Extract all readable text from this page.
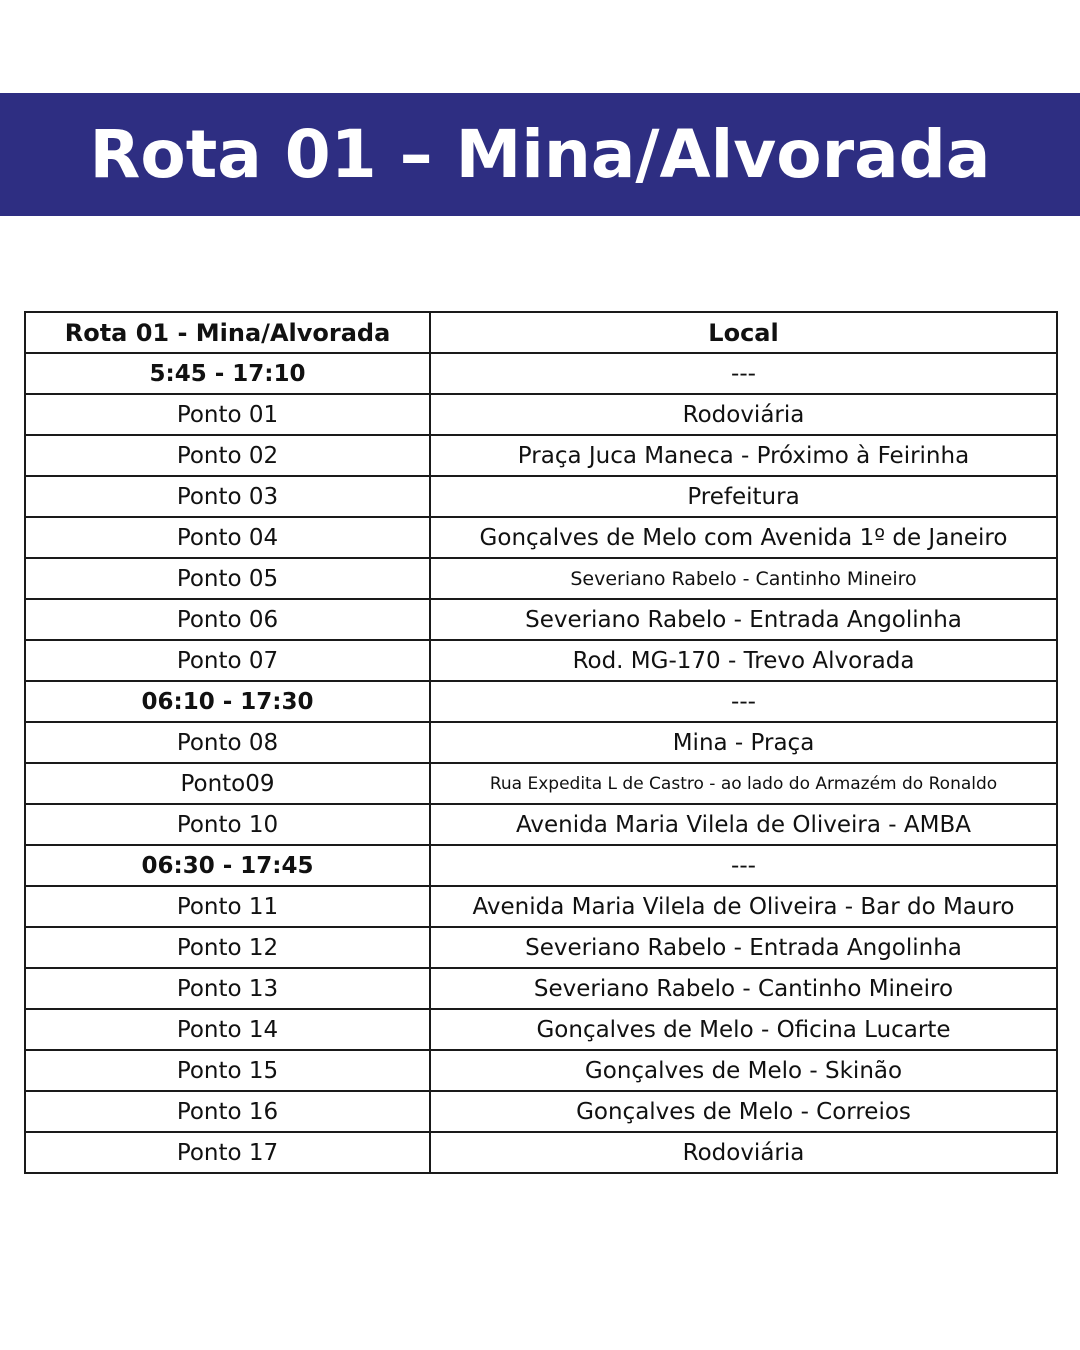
Rota 01 – Mina/Alvorada
Rota 01 - Mina/Alvorada	Local
5:45 - 17:10	---
Ponto 01	Rodoviária
Ponto 02	Praça Juca Maneca - Próximo à Feirinha
Ponto 03	Prefeitura
Ponto 04	Gonçalves de Melo com Avenida 1º de Janeiro
Ponto 05	Severiano Rabelo - Cantinho Mineiro
Ponto 06	Severiano Rabelo - Entrada Angolinha
Ponto 07	Rod. MG-170 - Trevo Alvorada
06:10 - 17:30	---
Ponto 08	Mina - Praça
Ponto09	Rua Expedita L de Castro - ao lado do Armazém do Ronaldo
Ponto 10	Avenida Maria Vilela de Oliveira - AMBA
06:30 - 17:45	---
Ponto 11	Avenida Maria Vilela de Oliveira - Bar do Mauro
Ponto 12	Severiano Rabelo - Entrada Angolinha
Ponto 13	Severiano Rabelo - Cantinho Mineiro
Ponto 14	Gonçalves de Melo - Oficina Lucarte
Ponto 15	Gonçalves de Melo - Skinão
Ponto 16	Gonçalves de Melo - Correios
Ponto 17	Rodoviária
